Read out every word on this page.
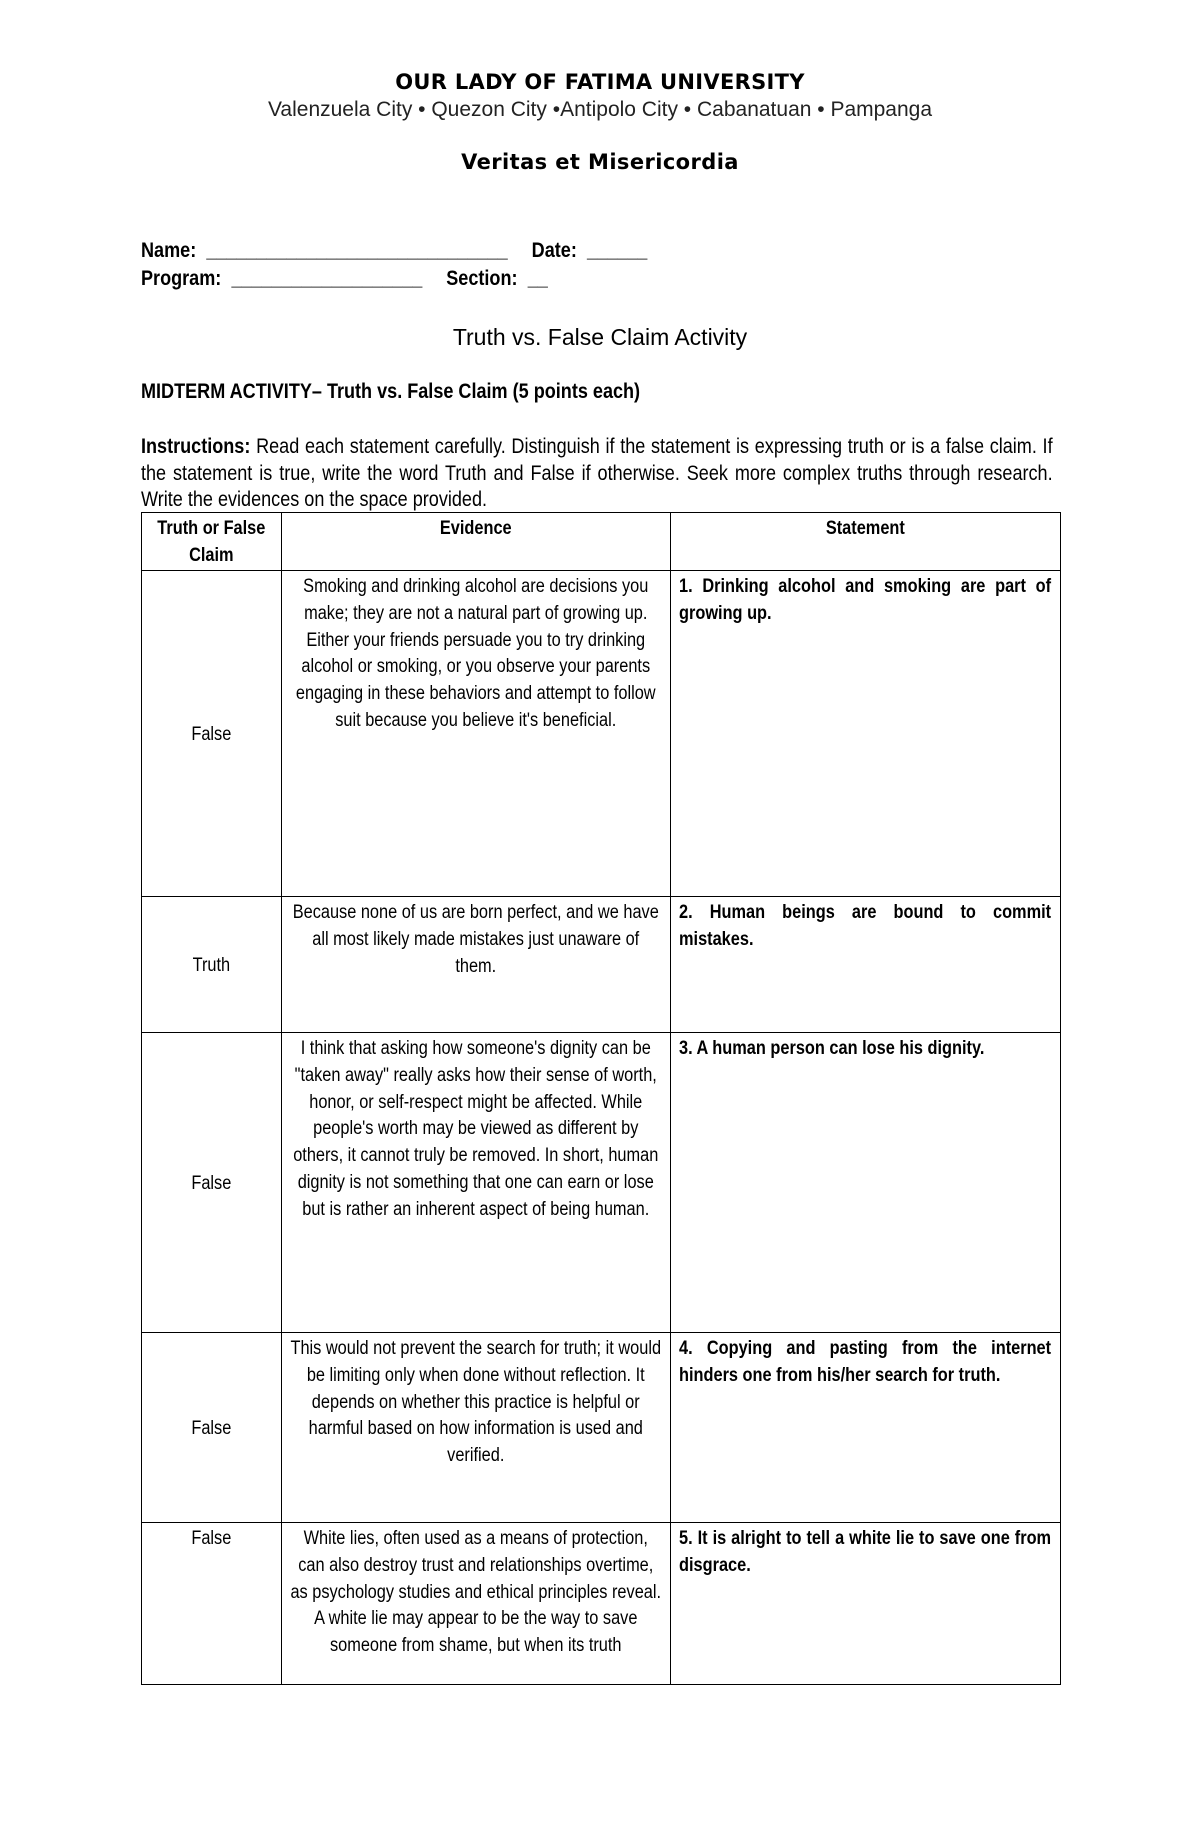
OUR LADY OF FATIMA UNIVERSITY
Valenzuela City • Quezon City •Antipolo City • Cabanatuan • Pampanga
Veritas et Misericordia
Name: ______________________________ Date: ______
Program: ___________________ Section: __
Truth vs. False Claim Activity
MIDTERM ACTIVITY– Truth vs. False Claim (5 points each)
Instructions: Read each statement carefully. Distinguish if the statement is expressing truth or is a false claim. If the statement is true, write the word Truth and False if otherwise. Seek more complex truths through research. Write the evidences on the space provided.
Truth or False Claim	Evidence	Statement

False	Smoking and drinking alcohol are decisions you make; they are not a natural part of growing up. Either your friends persuade you to try drinking alcohol or smoking, or you observe your parents engaging in these behaviors and attempt to follow suit because you believe it's beneficial.	1. Drinking alcohol and smoking are part of growing up.

Truth	Because none of us are born perfect, and we have all most likely made mistakes just unaware of them.	2. Human beings are bound to commit mistakes.

False	I think that asking how someone's dignity can be "taken away" really asks how their sense of worth, honor, or self-respect might be affected. While people's worth may be viewed as different by others, it cannot truly be removed. In short, human dignity is not something that one can earn or lose but is rather an inherent aspect of being human.	3. A human person can lose his dignity.

False	This would not prevent the search for truth; it would be limiting only when done without reflection. It depends on whether this practice is helpful or harmful based on how information is used and verified.	4. Copying and pasting from the internet hinders one from his/her search for truth.

False	White lies, often used as a means of protection, can also destroy trust and relationships overtime, as psychology studies and ethical principles reveal. A white lie may appear to be the way to save someone from shame, but when its truth	5. It is alright to tell a white lie to save one from disgrace.
